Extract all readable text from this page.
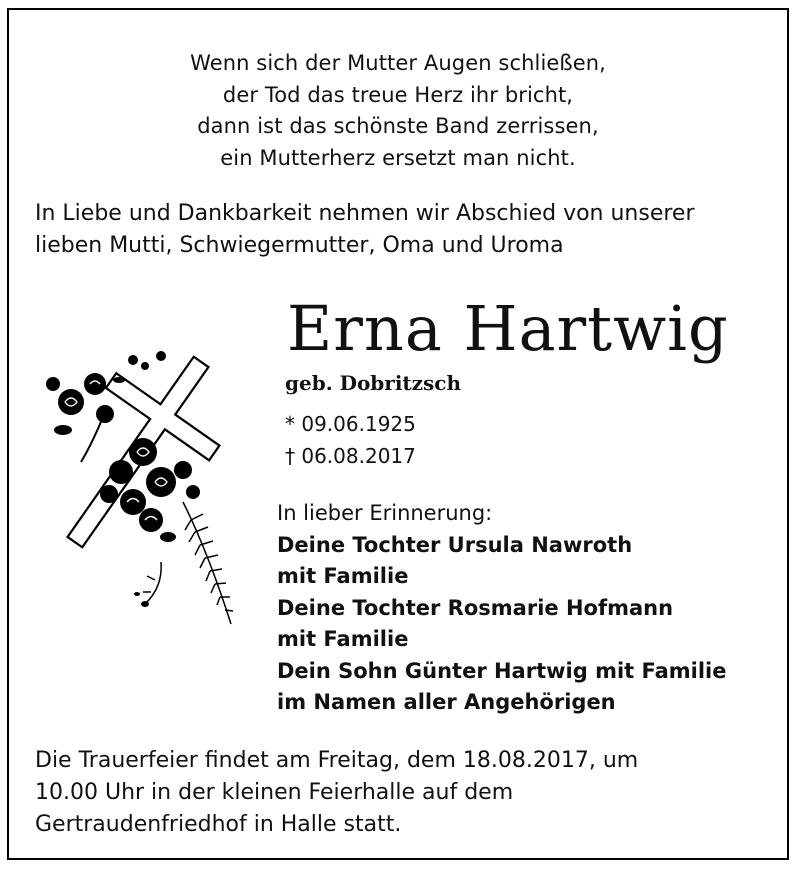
Wenn sich der Mutter Augen schließen,
der Tod das treue Herz ihr bricht,
dann ist das schönste Band zerrissen,
ein Mutterherz ersetzt man nicht.
In Liebe und Dankbarkeit nehmen wir Abschied von unserer
lieben Mutti, Schwiegermutter, Oma und Uroma
Erna Hartwig
geb. Dobritzsch
* 09.06.1925
† 06.08.2017
In lieber Erinnerung:
Deine Tochter Ursula Nawroth
mit Familie
Deine Tochter Rosmarie Hofmann
mit Familie
Dein Sohn Günter Hartwig mit Familie
im Namen aller Angehörigen
Die Trauerfeier findet am Freitag, dem 18.08.2017, um
10.00 Uhr in der kleinen Feierhalle auf dem
Gertraudenfriedhof in Halle statt.
